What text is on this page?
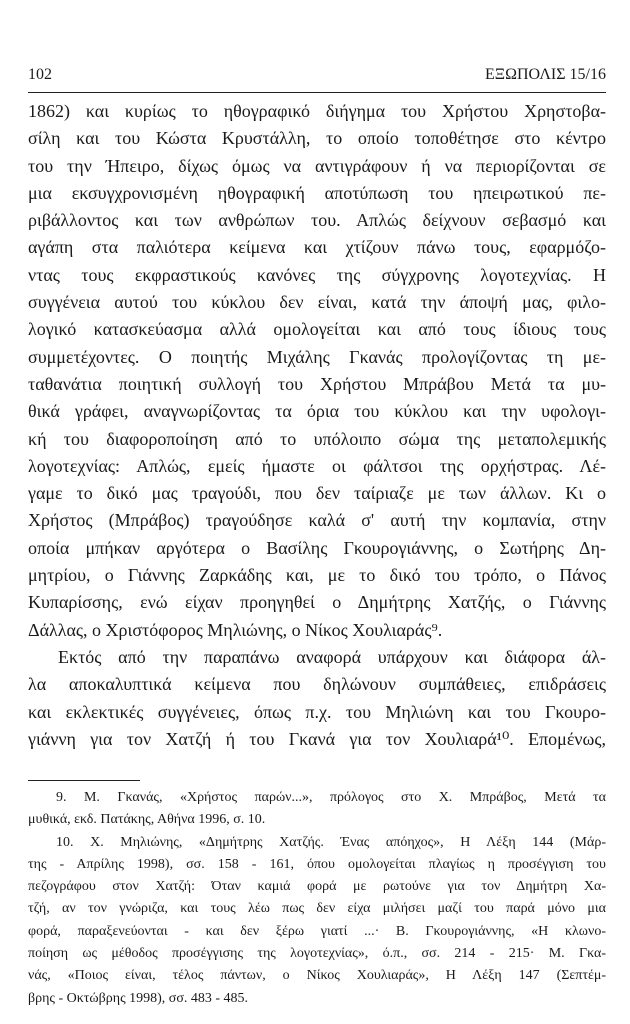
102	ΕΞΩΠΟΛΙΣ 15/16
1862) και κυρίως το ηθογραφικό διήγημα του Χρήστου Χρηστοβα-
σίλη και του Κώστα Κρυστάλλη, το οποίο τοποθέτησε στο κέντρο
του την Ήπειρο, δίχως όμως να αντιγράφουν ή να περιορίζονται σε
μια εκσυγχρονισμένη ηθογραφική αποτύπωση του ηπειρωτικού πε-
ριβάλλοντος και των ανθρώπων του. Απλώς δείχνουν σεβασμό και
αγάπη στα παλιότερα κείμενα και χτίζουν πάνω τους, εφαρμόζο-
ντας τους εκφραστικούς κανόνες της σύγχρονης λογοτεχνίας. Η
συγγένεια αυτού του κύκλου δεν είναι, κατά την άποψή μας, φιλο-
λογικό κατασκεύασμα αλλά ομολογείται και από τους ίδιους τους
συμμετέχοντες. Ο ποιητής Μιχάλης Γκανάς προλογίζοντας τη με-
ταθανάτια ποιητική συλλογή του Χρήστου Μπράβου Μετά τα μυ-
θικά γράφει, αναγνωρίζοντας τα όρια του κύκλου και την υφολογι-
κή του διαφοροποίηση από το υπόλοιπο σώμα της μεταπολεμικής
λογοτεχνίας: Απλώς, εμείς ήμαστε οι φάλτσοι της ορχήστρας. Λέ-
γαμε το δικό μας τραγούδι, που δεν ταίριαζε με των άλλων. Κι ο
Χρήστος (Μπράβος) τραγούδησε καλά σ' αυτή την κομπανία, στην
οποία μπήκαν αργότερα ο Βασίλης Γκουρογιάννης, ο Σωτήρης Δη-
μητρίου, ο Γιάννης Ζαρκάδης και, με το δικό του τρόπο, ο Πάνος
Κυπαρίσσης, ενώ είχαν προηγηθεί ο Δημήτρης Χατζής, ο Γιάννης
Δάλλας, ο Χριστόφορος Μηλιώνης, ο Νίκος Χουλιαράς⁹.
Εκτός από την παραπάνω αναφορά υπάρχουν και διάφορα άλ-
λα αποκαλυπτικά κείμενα που δηλώνουν συμπάθειες, επιδράσεις
και εκλεκτικές συγγένειες, όπως π.χ. του Μηλιώνη και του Γκουρο-
γιάννη για τον Χατζή ή του Γκανά για τον Χουλιαρά¹⁰. Επομένως,
9. Μ. Γκανάς, «Χρήστος παρών...», πρόλογος στο Χ. Μπράβος, Μετά τα
μυθικά, εκδ. Πατάκης, Αθήνα 1996, σ. 10.
10. Χ. Μηλιώνης, «Δημήτρης Χατζής. Ένας απόηχος», Η Λέξη 144 (Μάρ-
της - Απρίλης 1998), σσ. 158 - 161, όπου ομολογείται πλαγίως η προσέγγιση του
πεζογράφου στον Χατζή: Όταν καμιά φορά με ρωτούνε για τον Δημήτρη Χα-
τζή, αν τον γνώριζα, και τους λέω πως δεν είχα μιλήσει μαζί του παρά μόνο μια
φορά, παραξενεύονται - και δεν ξέρω γιατί ...· Β. Γκουρογιάννης, «Η κλωνο-
ποίηση ως μέθοδος προσέγγισης της λογοτεχνίας», ό.π., σσ. 214 - 215· Μ. Γκα-
νάς, «Ποιος είναι, τέλος πάντων, ο Νίκος Χουλιαράς», Η Λέξη 147 (Σεπτέμ-
βρης - Οκτώβρης 1998), σσ. 483 - 485.
